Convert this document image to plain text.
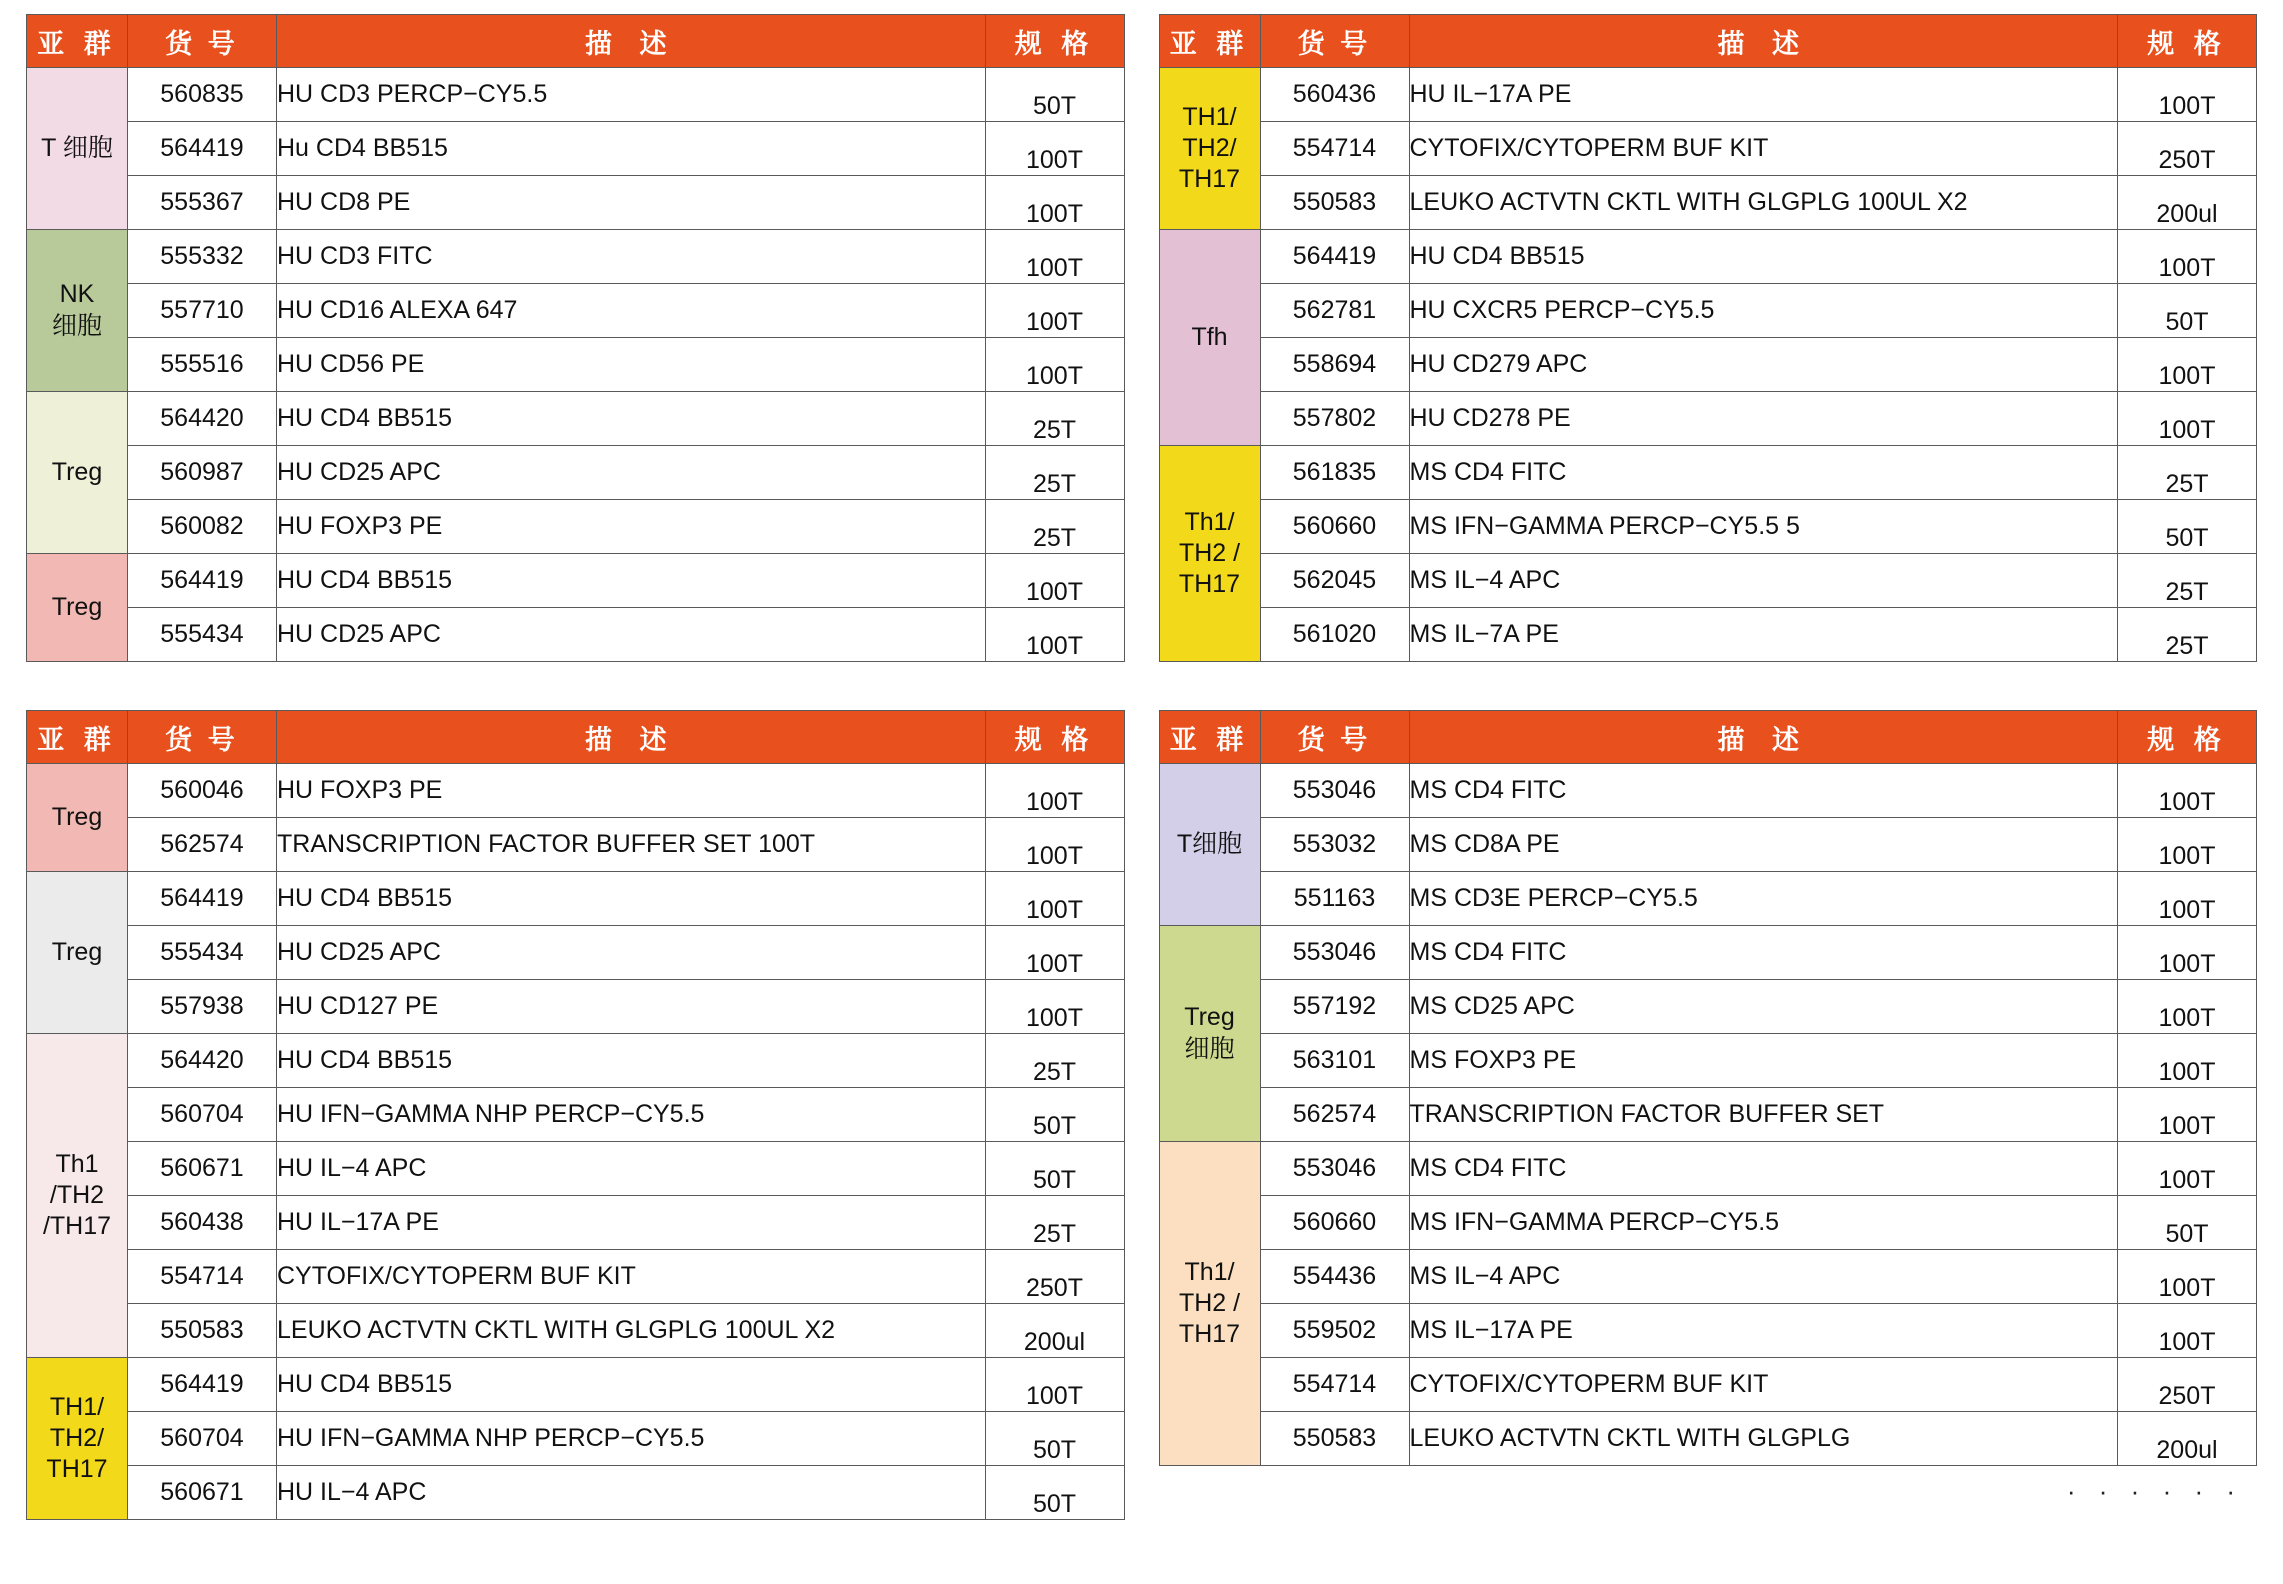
亚 群	货 号	描 述	规 格
T 细胞	560835	HU CD3 PERCP−CY5.5	50T
	564419	Hu CD4 BB515	100T
	555367	HU CD8 PE	100T
NK
细胞	555332	HU CD3 FITC	100T
	557710	HU CD16 ALEXA 647	100T
	555516	HU CD56 PE	100T
Treg	564420	HU CD4 BB515	25T
	560987	HU CD25 APC	25T
	560082	HU FOXP3 PE	25T
Treg	564419	HU CD4 BB515	100T
	555434	HU CD25 APC	100T
亚 群	货 号	描 述	规 格
TH1/
TH2/
TH17	560436	HU IL−17A PE	100T
	554714	CYTOFIX/CYTOPERM BUF KIT	250T
	550583	LEUKO ACTVTN CKTL WITH GLGPLG 100UL X2	200ul
Tfh	564419	HU CD4 BB515	100T
	562781	HU CXCR5 PERCP−CY5.5	50T
	558694	HU CD279 APC	100T
	557802	HU CD278 PE	100T
Th1/
TH2 /
TH17	561835	MS CD4 FITC	25T
	560660	MS IFN−GAMMA PERCP−CY5.5 5	50T
	562045	MS IL−4 APC	25T
	561020	MS IL−7A PE	25T
亚 群	货 号	描 述	规 格
Treg	560046	HU FOXP3 PE	100T
	562574	TRANSCRIPTION FACTOR BUFFER SET 100T	100T
Treg	564419	HU CD4 BB515	100T
	555434	HU CD25 APC	100T
	557938	HU CD127 PE	100T
Th1
/TH2
/TH17	564420	HU CD4 BB515	25T
	560704	HU IFN−GAMMA NHP PERCP−CY5.5	50T
	560671	HU IL−4 APC	50T
	560438	HU IL−17A PE	25T
	554714	CYTOFIX/CYTOPERM BUF KIT	250T
	550583	LEUKO ACTVTN CKTL WITH GLGPLG 100UL X2	200ul
TH1/
TH2/
TH17	564419	HU CD4 BB515	100T
	560704	HU IFN−GAMMA NHP PERCP−CY5.5	50T
	560671	HU IL−4 APC	50T
亚 群	货 号	描 述	规 格
T细胞	553046	MS CD4 FITC	100T
	553032	MS CD8A PE	100T
	551163	MS CD3E PERCP−CY5.5	100T
Treg
细胞	553046	MS CD4 FITC	100T
	557192	MS CD25 APC	100T
	563101	MS FOXP3 PE	100T
	562574	TRANSCRIPTION FACTOR BUFFER SET	100T
Th1/
TH2 /
TH17	553046	MS CD4 FITC	100T
	560660	MS IFN−GAMMA PERCP−CY5.5	50T
	554436	MS IL−4 APC	100T
	559502	MS IL−17A PE	100T
	554714	CYTOFIX/CYTOPERM BUF KIT	250T
	550583	LEUKO ACTVTN CKTL WITH GLGPLG	200ul
· · · · · ·
